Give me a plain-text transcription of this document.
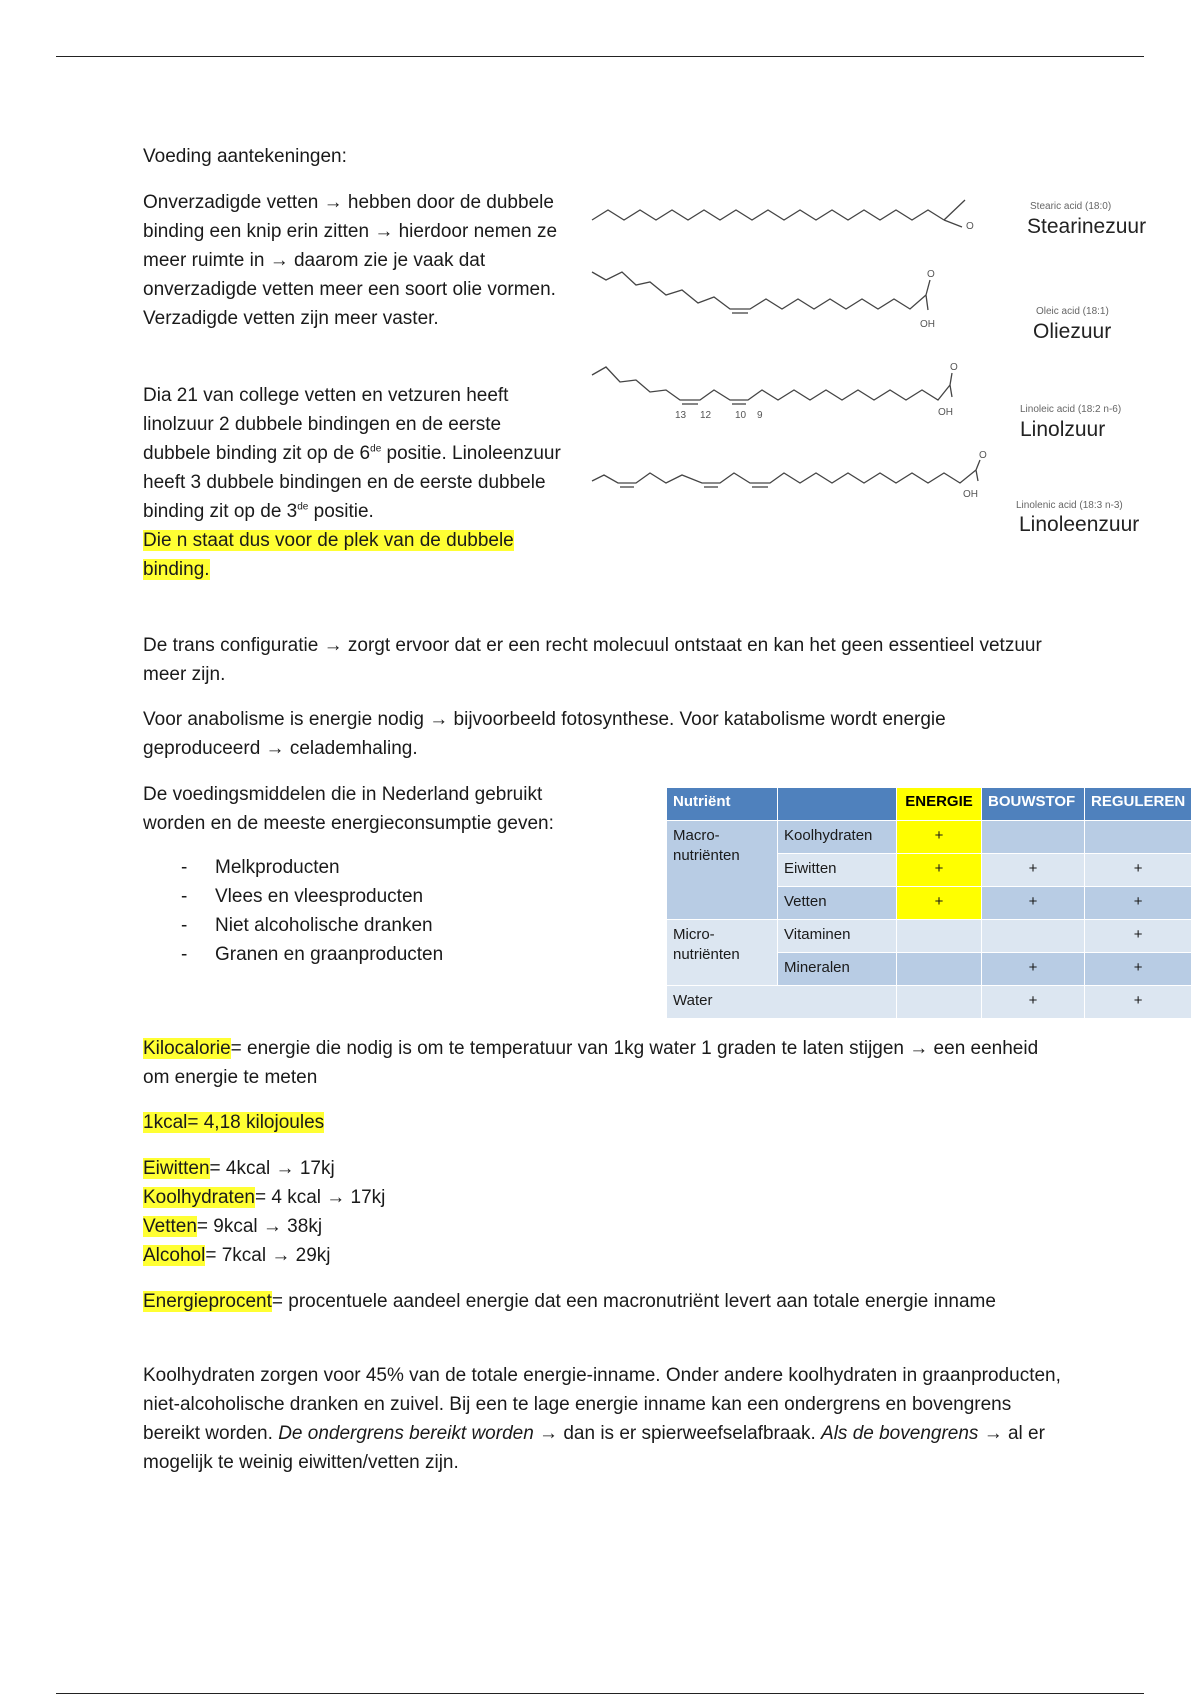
Voeding aantekeningen:

Onverzadigde vetten → hebben door de dubbele binding een knip erin zitten → hierdoor nemen ze meer ruimte in → daarom zie je vaak dat onverzadigde vetten meer een soort olie vormen. Verzadigde vetten zijn meer vaster.

Dia 21 van college vetten en vetzuren heeft linolzuur 2 dubbele bindingen en de eerste dubbele binding zit op de 6de positie. Linoleenzuur heeft 3 dubbele bindingen en de eerste dubbele binding zit op de 3de positie.
Die n staat dus voor de plek van de dubbele binding.

O
O
OH
O
OH
13 12 10 9
O
OH
Stearic acid (18:0)
Stearinezuur
Oleic acid (18:1)
Oliezuur
Linoleic acid (18:2 n-6)
Linolzuur
Linolenic acid (18:3 n-3)
Linoleenzuur

De trans configuratie → zorgt ervoor dat er een recht molecuul ontstaat en kan het geen essentieel vetzuur meer zijn.

Voor anabolisme is energie nodig → bijvoorbeeld fotosynthese. Voor katabolisme wordt energie geproduceerd → celademhaling.

De voedingsmiddelen die in Nederland gebruikt worden en de meeste energieconsumptie geven:

- Melkproducten
- Vlees en vleesproducten
- Niet alcoholische dranken
- Granen en graanproducten
Nutriënt		ENERGIE	BOUWSTOF	REGULEREN
Macro-nutriënten	Koolhydraten	+		
	Eiwitten	+	+	+
	Vetten	+	+	+
Micro-nutriënten	Vitaminen			+
	Mineralen		+	+
Water			+	+

Kilocalorie= energie die nodig is om te temperatuur van 1kg water 1 graden te laten stijgen → een eenheid om energie te meten

1kcal= 4,18 kilojoules

Eiwitten= 4kcal → 17kj
Koolhydraten= 4 kcal → 17kj
Vetten= 9kcal → 38kj
Alcohol= 7kcal → 29kj

Energieprocent= procentuele aandeel energie dat een macronutriënt levert aan totale energie inname

Koolhydraten zorgen voor 45% van de totale energie-inname. Onder andere koolhydraten in graanproducten, niet-alcoholische dranken en zuivel. Bij een te lage energie inname kan een ondergrens en bovengrens bereikt worden. De ondergrens bereikt worden → dan is er spierweefselafbraak. Als de bovengrens → al er mogelijk te weinig eiwitten/vetten zijn.
